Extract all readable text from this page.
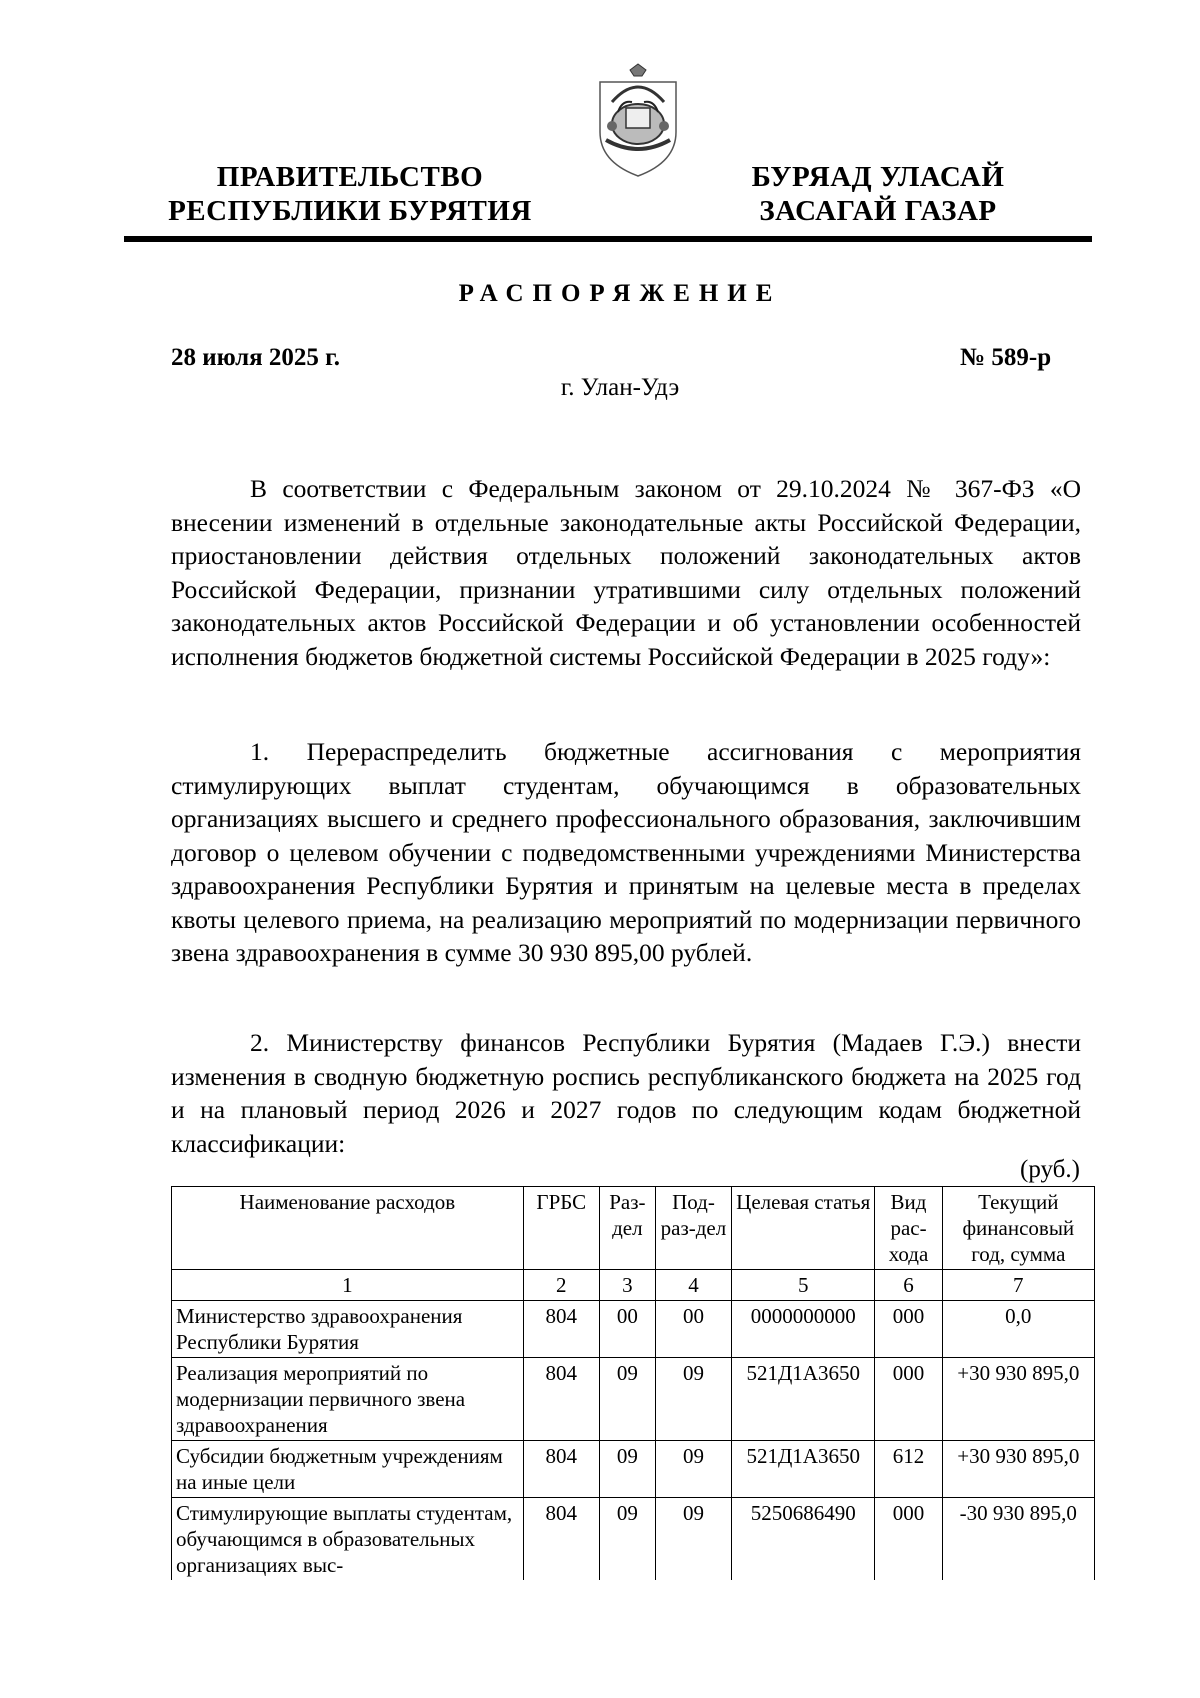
ПРАВИТЕЛЬСТВО
РЕСПУБЛИКИ БУРЯТИЯ
БУРЯАД УЛАСАЙ
ЗАСАГАЙ ГАЗАР
РАСПОРЯЖЕНИЕ
28 июля 2025 г.	№ 589-р
г. Улан-Удэ

В соответствии с Федеральным законом от 29.10.2024 № 367-ФЗ «О внесении изменений в отдельные законодательные акты Российской Федерации, приостановлении действия отдельных положений законодательных актов Российской Федерации, признании утратившими силу отдельных положений законодательных актов Российской Федерации и об установлении особенностей исполнения бюджетов бюджетной системы Российской Федерации в 2025 году»:

1. Перераспределить бюджетные ассигнования с мероприятия стимулирующих выплат студентам, обучающимся в образовательных организациях высшего и среднего профессионального образования, заключившим договор о целевом обучении с подведомственными учреждениями Министерства здравоохранения Республики Бурятия и принятым на целевые места в пределах квоты целевого приема, на реализацию мероприятий по модернизации первичного звена здравоохранения в сумме 30 930 895,00 рублей.

2. Министерству финансов Республики Бурятия (Мадаев Г.Э.) внести изменения в сводную бюджетную роспись республиканского бюджета на 2025 год и на плановый период 2026 и 2027 годов по следующим кодам бюджетной классификации:

(руб.)
Наименование расходов	ГРБС	Раз-дел	Под-раз-дел	Целевая статья	Вид рас-хода	Текущий финансовый год, сумма
1	2	3	4	5	6	7
Министерство здравоохранения Республики Бурятия	804	00	00	0000000000	000	0,0
Реализация мероприятий по модернизации первичного звена здравоохранения	804	09	09	521Д1А3650	000	+30 930 895,0
Субсидии бюджетным учреждениям на иные цели	804	09	09	521Д1А3650	612	+30 930 895,0
Стимулирующие выплаты студентам, обучающимся в образовательных организациях выс-	804	09	09	5250686490	000	-30 930 895,0
